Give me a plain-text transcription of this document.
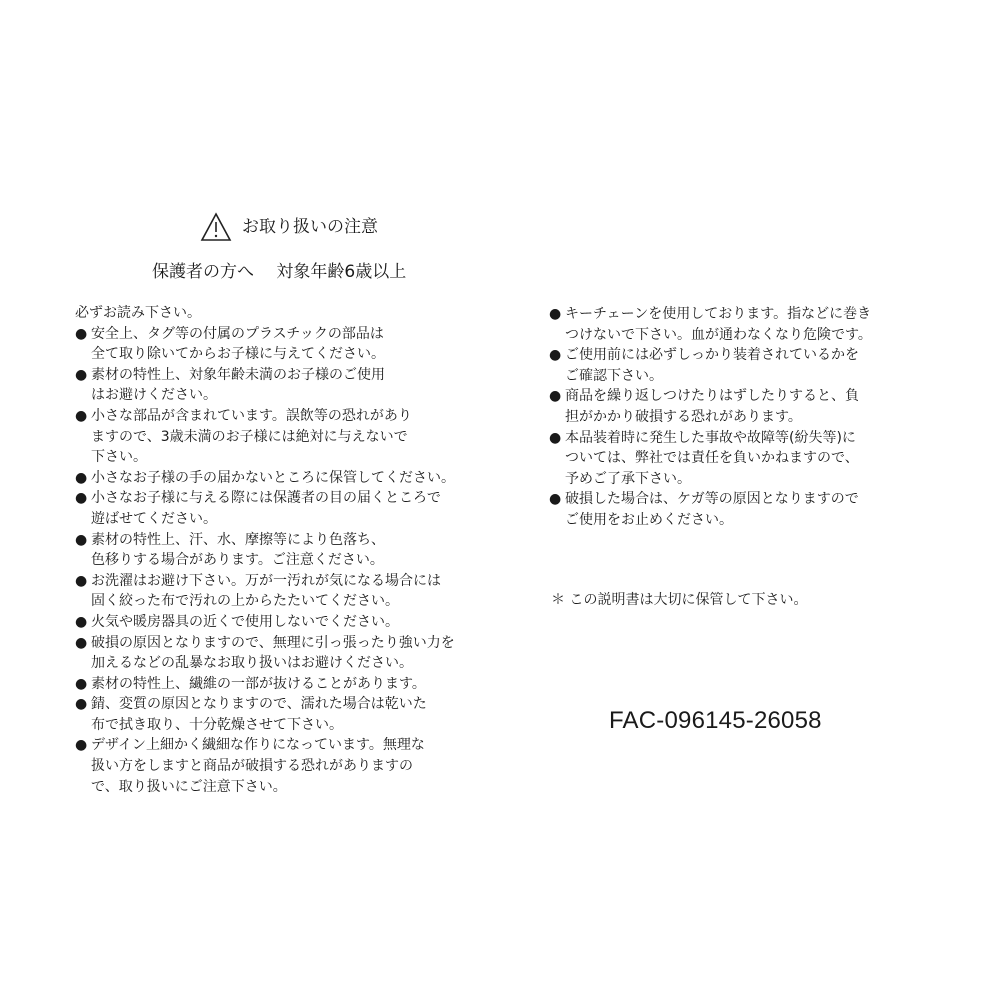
お取り扱いの注意
保護者の方へ　 対象年齢6歳以上
必ずお読み下さい。
● 安全上、タグ等の付属のプラスチックの部品は
全て取り除いてからお子様に与えてください。
● 素材の特性上、対象年齢未満のお子様のご使用
はお避けください。
● 小さな部品が含まれています。誤飲等の恐れがあり
ますので、3歳未満のお子様には絶対に与えないで
下さい。
● 小さなお子様の手の届かないところに保管してください。
● 小さなお子様に与える際には保護者の目の届くところで
遊ばせてください。
● 素材の特性上、汗、水、摩擦等により色落ち、
色移りする場合があります。ご注意ください。
● お洗濯はお避け下さい。万が一汚れが気になる場合には
固く絞った布で汚れの上からたたいてください。
● 火気や暖房器具の近くで使用しないでください。
● 破損の原因となりますので、無理に引っ張ったり強い力を
加えるなどの乱暴なお取り扱いはお避けください。
● 素材の特性上、繊維の一部が抜けることがあります。
● 錆、変質の原因となりますので、濡れた場合は乾いた
布で拭き取り、十分乾燥させて下さい。
● デザイン上細かく繊細な作りになっています。無理な
扱い方をしますと商品が破損する恐れがありますの
で、取り扱いにご注意下さい。
● キーチェーンを使用しております。指などに巻き
つけないで下さい。血が通わなくなり危険です。
● ご使用前には必ずしっかり装着されているかを
ご確認下さい。
● 商品を繰り返しつけたりはずしたりすると、負
担がかかり破損する恐れがあります。
● 本品装着時に発生した事故や故障等(紛失等)に
ついては、弊社では責任を負いかねますので、
予めご了承下さい。
● 破損した場合は、ケガ等の原因となりますので
ご使用をお止めください。
＊ この説明書は大切に保管して下さい。
FAC-096145-26058
